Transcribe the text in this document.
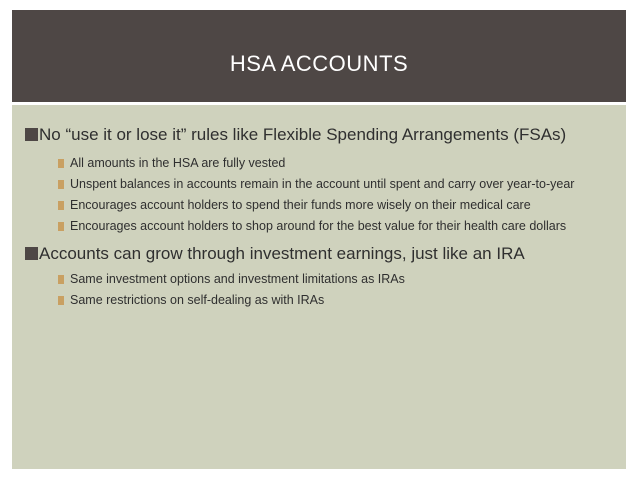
HSA ACCOUNTS
No “use it or lose it” rules like Flexible Spending Arrangements (FSAs)
All amounts in the HSA are fully vested
Unspent balances in accounts remain in the account until spent and carry over year-to-year
Encourages account holders to spend their funds more wisely on their medical care
Encourages account holders to shop around for the best value for their health care dollars
Accounts can grow through investment earnings, just like an IRA
Same investment options and investment limitations as IRAs
Same restrictions on self-dealing as with IRAs
